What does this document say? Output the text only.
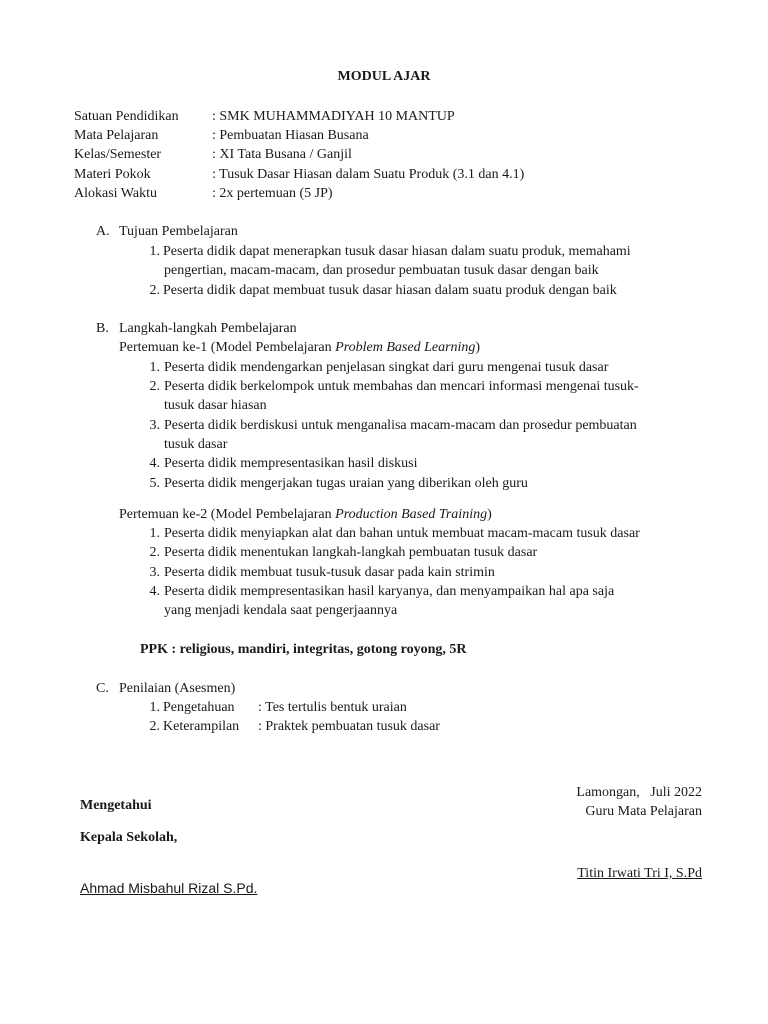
MODUL AJAR
Satuan Pendidikan : SMK MUHAMMADIYAH 10 MANTUP
Mata Pelajaran	: Pembuatan Hiasan Busana
Kelas/Semester	: XI Tata Busana / Ganjil
Materi Pokok	: Tusuk Dasar Hiasan dalam Suatu Produk (3.1 dan 4.1)
Alokasi Waktu	: 2x pertemuan (5 JP)
A. Tujuan Pembelajaran
1. Peserta didik dapat menerapkan tusuk dasar hiasan dalam suatu produk, memahami
pengertian, macam-macam, dan prosedur pembuatan tusuk dasar dengan baik
2. Peserta didik dapat membuat tusuk dasar hiasan dalam suatu produk dengan baik
B. Langkah-langkah Pembelajaran
Pertemuan ke-1 (Model Pembelajaran Problem Based Learning)
1. Peserta didik mendengarkan penjelasan singkat dari guru mengenai tusuk dasar
2. Peserta didik berkelompok untuk membahas dan mencari informasi mengenai tusuk-
tusuk dasar hiasan
3. Peserta didik berdiskusi untuk menganalisa macam-macam dan prosedur pembuatan
tusuk dasar
4. Peserta didik mempresentasikan hasil diskusi
5. Peserta didik mengerjakan tugas uraian yang diberikan oleh guru
Pertemuan ke-2 (Model Pembelajaran Production Based Training)
1. Peserta didik menyiapkan alat dan bahan untuk membuat macam-macam tusuk dasar
2. Peserta didik menentukan langkah-langkah pembuatan tusuk dasar
3. Peserta didik membuat tusuk-tusuk dasar pada kain strimin
4. Peserta didik mempresentasikan hasil karyanya, dan menyampaikan hal apa saja
yang menjadi kendala saat pengerjaannya
PPK : religious, mandiri, integritas, gotong royong, 5R
C. Penilaian (Asesmen)
1. Pengetahuan : Tes tertulis bentuk uraian
2. Keterampilan : Praktek pembuatan tusuk dasar
Mengetahui
Kepala Sekolah,
Ahmad Misbahul Rizal S.Pd.
Lamongan,   Juli 2022
Guru Mata Pelajaran
Titin Irwati Tri I, S.Pd
